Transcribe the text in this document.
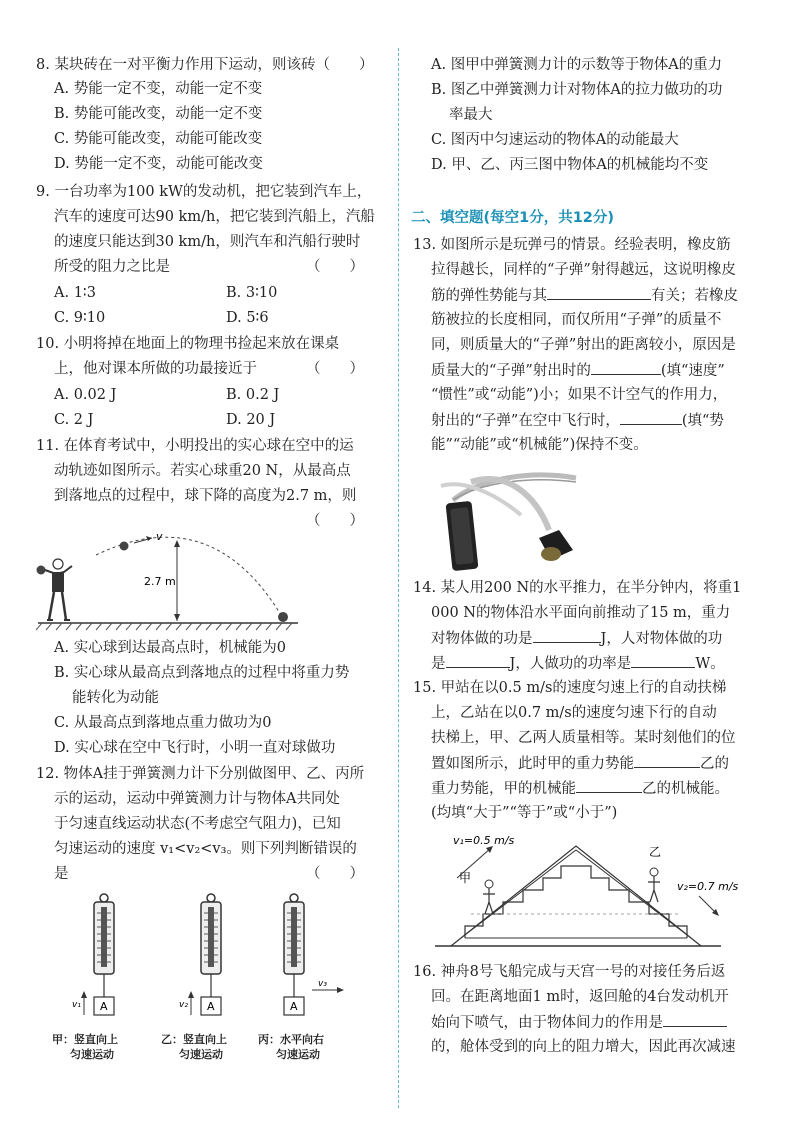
8. 某块砖在一对平衡力作用下运动，则该砖（　　）
A. 势能一定不变，动能一定不变
B. 势能可能改变，动能一定不变
C. 势能可能改变，动能可能改变
D. 势能一定不变，动能可能改变
9. 一台功率为100 kW的发动机，把它装到汽车上，
汽车的速度可达90 km/h，把它装到汽船上，汽船
的速度只能达到30 km/h，则汽车和汽船行驶时
所受的阻力之比是	（　　）
A. 1∶3	B. 3∶10
C. 9∶10	D. 5∶6
10. 小明将掉在地面上的物理书捡起来放在课桌
上，他对课本所做的功最接近于	（　　）
A. 0.02 J	B. 0.2 J
C. 2 J	D. 20 J
11. 在体育考试中，小明投出的实心球在空中的运
动轨迹如图所示。若实心球重20 N，从最高点
到落地点的过程中，球下降的高度为2.7 m，则
（　　）
v
2.7 m
A. 实心球到达最高点时，机械能为0
B. 实心球从最高点到落地点的过程中将重力势
能转化为动能
C. 从最高点到落地点重力做功为0
D. 实心球在空中飞行时，小明一直对球做功
12. 物体A挂于弹簧测力计下分别做图甲、乙、丙所
示的运动，运动中弹簧测力计与物体A共同处
于匀速直线运动状态(不考虑空气阻力)，已知
匀速运动的速度 v₁<v₂<v₃。则下列判断错误的
是	（　　）
A
v₁	A
v₂	A
v₃
甲：竖直向上
匀速运动
乙：竖直向上
匀速运动
丙：水平向右
匀速运动
A. 图甲中弹簧测力计的示数等于物体A的重力
B. 图乙中弹簧测力计对物体A的拉力做功的功
率最大
C. 图丙中匀速运动的物体A的动能最大
D. 甲、乙、丙三图中物体A的机械能均不变
二、填空题(每空1分，共12分)
13. 如图所示是玩弹弓的情景。经验表明，橡皮筋
拉得越长，同样的“子弹”射得越远，这说明橡皮
筋的弹性势能与其	有关；若橡皮
筋被拉的长度相同，而仅所用“子弹”的质量不
同，则质量大的“子弹”射出的距离较小，原因是
质量大的“子弹”射出时的	(填“速度”
“惯性”或“动能”)小；如果不计空气的作用力，
射出的“子弹”在空中飞行时，	(填“势
能”“动能”或“机械能”)保持不变。
14. 某人用200 N的水平推力，在半分钟内，将重1
000 N的物体沿水平面向前推动了15 m，重力
对物体做的功是	J，人对物体做的功
是	J，人做功的功率是	W。
15. 甲站在以0.5 m/s的速度匀速上行的自动扶梯
上，乙站在以0.7 m/s的速度匀速下行的自动
扶梯上，甲、乙两人质量相等。某时刻他们的位
置如图所示，此时甲的重力势能	乙的
重力势能，甲的机械能	乙的机械能。
(均填“大于”“等于”或“小于”)
v₁=0.5 m/s
甲
乙
v₂=0.7 m/s
16. 神舟8号飞船完成与天宫一号的对接任务后返
回。在距离地面1 m时，返回舱的4台发动机开
始向下喷气，由于物体间力的作用是
的，舱体受到的向上的阻力增大，因此再次减速
